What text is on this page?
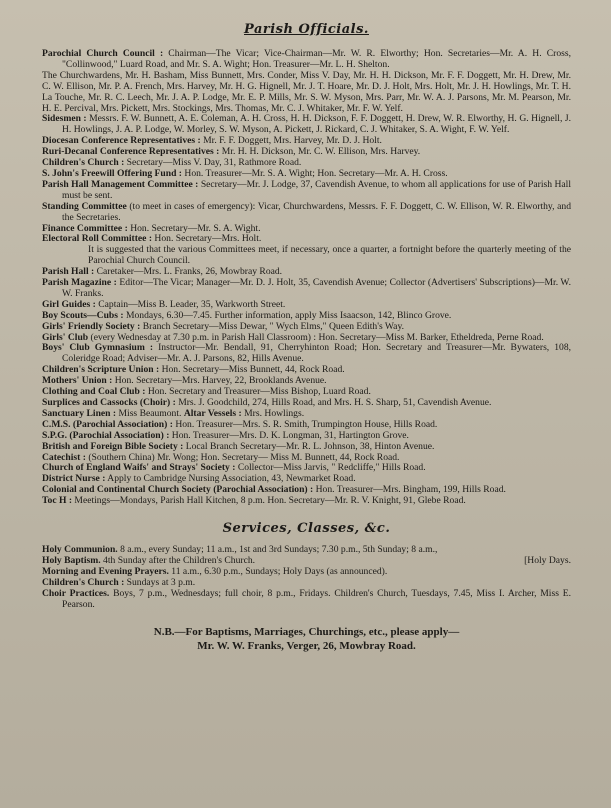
Parish Officials.

Parochial Church Council : Chairman—The Vicar; Vice-Chairman—Mr. W. R. Elworthy; Hon. Secretaries—Mr. A. H. Cross, "Collinwood," Luard Road, and Mr. S. A. Wight; Hon. Treasurer—Mr. L. H. Shelton.

The Churchwardens, Mr. H. Basham, Miss Bunnett, Mrs. Conder, Miss V. Day, Mr. H. H. Dickson, Mr. F. F. Doggett, Mr. H. Drew, Mr. C. W. Ellison, Mr. P. A. French, Mrs. Harvey, Mr. H. G. Hignell, Mr. J. T. Hoare, Mr. D. J. Holt, Mrs. Holt, Mr. J. H. Howlings, Mr. T. H. La Touche, Mr. R. C. Leech, Mr. J. A. P. Lodge, Mr. E. P. Mills, Mr. S. W. Myson, Mrs. Parr, Mr. W. A. J. Parsons, Mr. M. Pearson, Mr. H. E. Percival, Mrs. Pickett, Mrs. Stockings, Mrs. Thomas, Mr. C. J. Whitaker, Mr. F. W. Yelf.

Sidesmen : Messrs. F. W. Bunnett, A. E. Coleman, A. H. Cross, H. H. Dickson, F. F. Doggett, H. Drew, W. R. Elworthy, H. G. Hignell, J. H. Howlings, J. A. P. Lodge, W. Morley, S. W. Myson, A. Pickett, J. Rickard, C. J. Whitaker, S. A. Wight, F. W. Yelf.

Diocesan Conference Representatives : Mr. F. F. Doggett, Mrs. Harvey, Mr. D. J. Holt.

Ruri-Decanal Conference Representatives : Mr. H. H. Dickson, Mr. C. W. Ellison, Mrs. Harvey.

Children's Church : Secretary—Miss V. Day, 31, Rathmore Road.

S. John's Freewill Offering Fund : Hon. Treasurer—Mr. S. A. Wight; Hon. Secretary—Mr. A. H. Cross.

Parish Hall Management Committee : Secretary—Mr. J. Lodge, 37, Cavendish Avenue, to whom all applications for use of Parish Hall must be sent.

Standing Committee (to meet in cases of emergency): Vicar, Churchwardens, Messrs. F. F. Doggett, C. W. Ellison, W. R. Elworthy, and the Secretaries.

Finance Committee : Hon. Secretary—Mr. S. A. Wight.

Electoral Roll Committee : Hon. Secretary—Mrs. Holt.

It is suggested that the various Committees meet, if necessary, once a quarter, a fortnight before the quarterly meeting of the Parochial Church Council.

Parish Hall : Caretaker—Mrs. L. Franks, 26, Mowbray Road.

Parish Magazine : Editor—The Vicar; Manager—Mr. D. J. Holt, 35, Cavendish Avenue; Collector (Advertisers' Subscriptions)—Mr. W. W. Franks.

Girl Guides : Captain—Miss B. Leader, 35, Warkworth Street.

Boy Scouts—Cubs : Mondays, 6.30—7.45. Further information, apply Miss Isaacson, 142, Blinco Grove.

Girls' Friendly Society : Branch Secretary—Miss Dewar, " Wych Elms," Queen Edith's Way.

Girls' Club (every Wednesday at 7.30 p.m. in Parish Hall Classroom) : Hon. Secretary—Miss M. Barker, Etheldreda, Perne Road.

Boys' Club Gymnasium : Instructor—Mr. Bendall, 91, Cherryhinton Road; Hon. Secretary and Treasurer—Mr. Bywaters, 108, Coleridge Road; Adviser—Mr. A. J. Parsons, 82, Hills Avenue.

Children's Scripture Union : Hon. Secretary—Miss Bunnett, 44, Rock Road.

Mothers' Union : Hon. Secretary—Mrs. Harvey, 22, Brooklands Avenue.

Clothing and Coal Club : Hon. Secretary and Treasurer—Miss Bishop, Luard Road.

Surplices and Cassocks (Choir) : Mrs. J. Goodchild, 274, Hills Road, and Mrs. H. S. Sharp, 51, Cavendish Avenue.

Sanctuary Linen : Miss Beaumont. Altar Vessels : Mrs. Howlings.

C.M.S. (Parochial Association) : Hon. Treasurer—Mrs. S. R. Smith, Trumpington House, Hills Road.

S.P.G. (Parochial Association) : Hon. Treasurer—Mrs. D. K. Longman, 31, Hartington Grove.

British and Foreign Bible Society : Local Branch Secretary—Mr. R. L. Johnson, 38, Hinton Avenue.

Catechist : (Southern China) Mr. Wong; Hon. Secretary— Miss M. Bunnett, 44, Rock Road.

Church of England Waifs' and Strays' Society : Collector—Miss Jarvis, " Redcliffe," Hills Road.

District Nurse : Apply to Cambridge Nursing Association, 43, Newmarket Road.

Colonial and Continental Church Society (Parochial Association) : Hon. Treasurer—Mrs. Bingham, 199, Hills Road.

Toc H : Meetings—Mondays, Parish Hall Kitchen, 8 p.m. Hon. Secretary—Mr. R. V. Knight, 91, Glebe Road.

Services, Classes, &c.

Holy Communion. 8 a.m., every Sunday; 11 a.m., 1st and 3rd Sundays; 7.30 p.m., 5th Sunday; 8 a.m.,

Holy Baptism. 4th Sunday after the Children's Church.	[Holy Days.

Morning and Evening Prayers. 11 a.m., 6.30 p.m., Sundays; Holy Days (as announced).

Children's Church : Sundays at 3 p.m.

Choir Practices. Boys, 7 p.m., Wednesdays; full choir, 8 p.m., Fridays. Children's Church, Tuesdays, 7.45, Miss I. Archer, Miss E. Pearson.

N.B.—For Baptisms, Marriages, Churchings, etc., please apply—
Mr. W. W. Franks, Verger, 26, Mowbray Road.
